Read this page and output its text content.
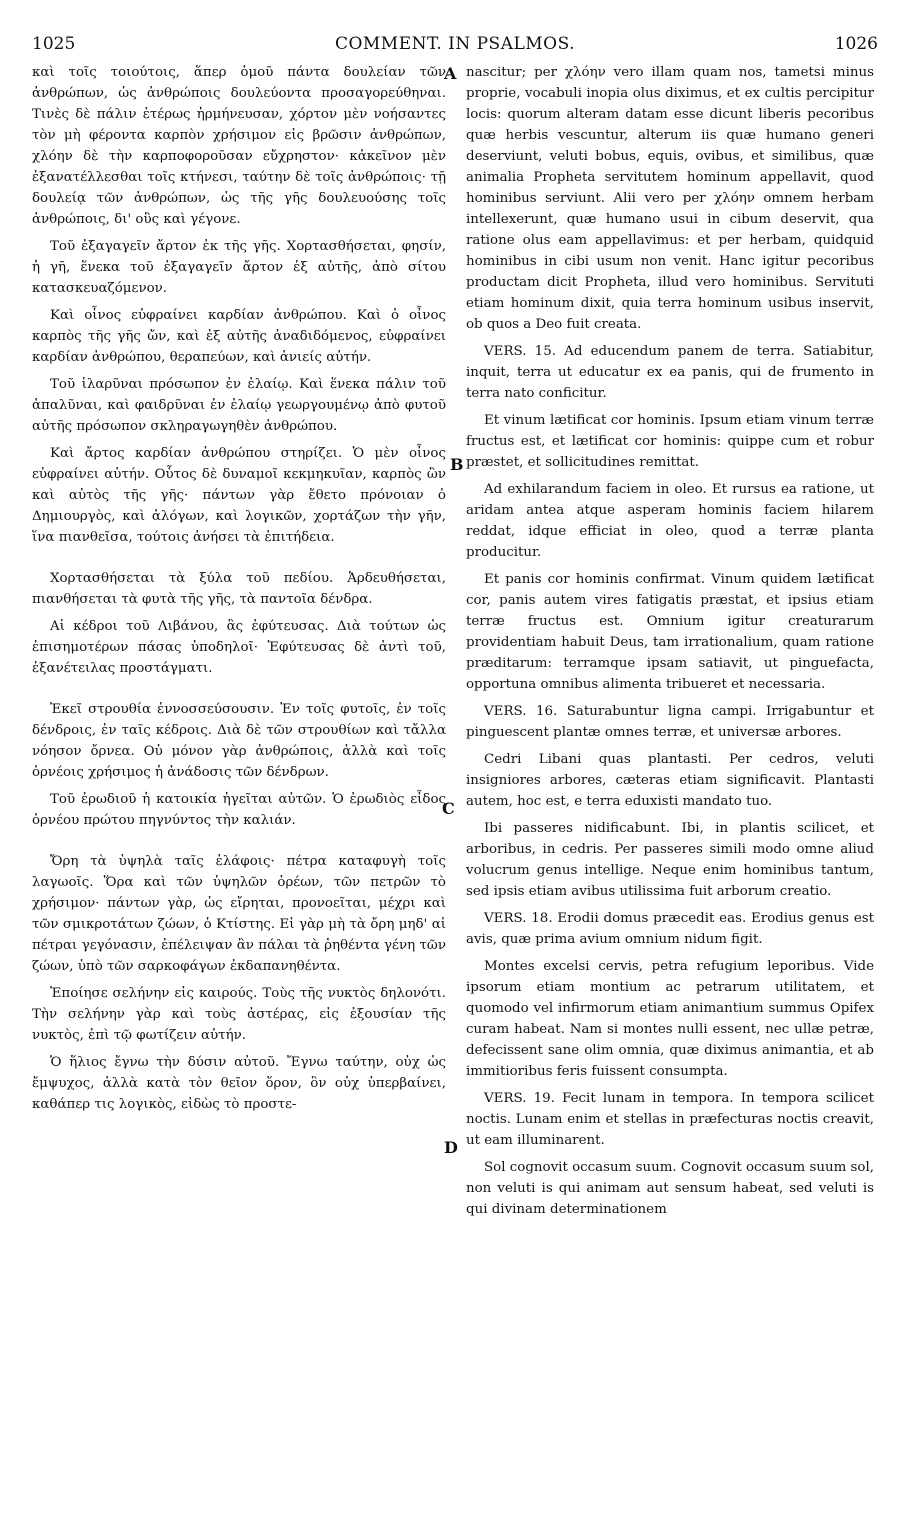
1025	COMMENT. IN PSALMOS.	1026
A
B
C
D

καὶ τοῖς τοιούτοις, ἅπερ ὁμοῦ πάντα δουλείαν τῶν ἀνθρώπων, ὡς ἀνθρώποις δουλεύοντα προσαγορεύθηναι. Τινὲς δὲ πάλιν ἑτέρως ἡρμήνευσαν, χόρτον μὲν νοήσαντες τὸν μὴ φέροντα καρπὸν χρήσιμον εἰς βρῶσιν ἀνθρώπων, χλόην δὲ τὴν καρποφοροῦσαν εὔχρηστον· κἀκεῖνον μὲν ἐξανατέλλεσθαι τοῖς κτήνεσι, ταύτην δὲ τοῖς ἀνθρώποις· τῇ δουλείᾳ τῶν ἀνθρώπων, ὡς τῆς γῆς δουλευούσης τοῖς ἀνθρώποις, δι' οὓς καὶ γέγονε.

Τοῦ ἐξαγαγεῖν ἄρτον ἐκ τῆς γῆς. Χορτασθήσεται, φησίν, ἡ γῆ, ἕνεκα τοῦ ἐξαγαγεῖν ἄρτον ἐξ αὐτῆς, ἀπὸ σίτου κατασκευαζόμενον.

Καὶ οἶνος εὐφραίνει καρδίαν ἀνθρώπου. Καὶ ὁ οἶνος καρπὸς τῆς γῆς ὤν, καὶ ἐξ αὐτῆς ἀναδιδόμενος, εὐφραίνει καρδίαν ἀνθρώπου, θεραπεύων, καὶ ἀνιείς αὐτήν.

Τοῦ ἱλαρῦναι πρόσωπον ἐν ἐλαίῳ. Καὶ ἕνεκα πάλιν τοῦ ἁπαλῦναι, καὶ φαιδρῦναι ἐν ἐλαίῳ γεωργουμένῳ ἀπὸ φυτοῦ αὐτῆς πρόσωπον σκληραγωγηθὲν ἀνθρώπου.

Καὶ ἄρτος καρδίαν ἀνθρώπου στηρίζει. Ὁ μὲν οἶνος εὐφραίνει αὐτήν. Οὗτος δὲ δυναμοῖ κεκμηκυῖαν, καρπὸς ὢν καὶ αὐτὸς τῆς γῆς· πάντων γὰρ ἔθετο πρόνοιαν ὁ Δημιουργὸς, καὶ ἀλόγων, καὶ λογικῶν, χορτάζων τὴν γῆν, ἵνα πιανθεῖσα, τούτοις ἀνήσει τὰ ἐπιτήδεια.

Χορτασθήσεται τὰ ξύλα τοῦ πεδίου. Ἀρδευθήσεται, πιανθήσεται τὰ φυτὰ τῆς γῆς, τὰ παντοῖα δένδρα.

Αἱ κέδροι τοῦ Λιβάνου, ἃς ἐφύτευσας. Διὰ τούτων ὡς ἐπισημοτέρων πάσας ὑποδηλοῖ· Ἐφύτευσας δὲ ἀντὶ τοῦ, ἐξανέτειλας προστάγματι.

Ἐκεῖ στρουθία ἐννοσσεύσουσιν. Ἐν τοῖς φυτοῖς, ἐν τοῖς δένδροις, ἐν ταῖς κέδροις. Διὰ δὲ τῶν στρουθίων καὶ τἄλλα νόησον ὄρνεα. Οὐ μόνον γὰρ ἀνθρώποις, ἀλλὰ καὶ τοῖς ὀρνέοις χρήσιμος ἡ ἀνάδοσις τῶν δένδρων.

Τοῦ ἐρωδιοῦ ἡ κατοικία ἡγεῖται αὐτῶν. Ὁ ἐρωδιὸς εἶδος ὀρνέου πρώτου πηγνύντος τὴν καλιάν.

Ὄρη τὰ ὑψηλὰ ταῖς ἐλάφοις· πέτρα καταφυγὴ τοῖς λαγωοῖς. Ὅρα καὶ τῶν ὑψηλῶν ὀρέων, τῶν πετρῶν τὸ χρήσιμον· πάντων γὰρ, ὡς εἴρηται, προνοεῖται, μέχρι καὶ τῶν σμικροτάτων ζώων, ὁ Κτίστης. Εἰ γὰρ μὴ τὰ ὄρη μηδ' αἱ πέτραι γεγόνασιν, ἐπέλειψαν ἂν πάλαι τὰ ῥηθέντα γένη τῶν ζώων, ὑπὸ τῶν σαρκοφάγων ἐκδαπανηθέντα.

Ἐποίησε σελήνην εἰς καιρούς. Τοὺς τῆς νυκτὸς δηλονότι. Τὴν σελήνην γὰρ καὶ τοὺς ἀστέρας, εἰς ἐξουσίαν τῆς νυκτὸς, ἐπὶ τῷ φωτίζειν αὐτήν.

Ὁ ἥλιος ἔγνω τὴν δύσιν αὐτοῦ. Ἔγνω ταύτην, οὐχ ὡς ἔμψυχος, ἀλλὰ κατὰ τὸν θεῖον ὅρον, ὃν οὐχ ὑπερβαίνει, καθάπερ τις λογικὸς, εἰδὼς τὸ προστε-

nascitur; per χλόην vero illam quam nos, tametsi minus proprie, vocabuli inopia olus diximus, et ex cultis percipitur locis: quorum alteram datam esse dicunt liberis pecoribus quæ herbis vescuntur, alterum iis quæ humano generi deserviunt, veluti bobus, equis, ovibus, et similibus, quæ animalia Propheta servitutem hominum appellavit, quod hominibus serviunt. Alii vero per χλόην omnem herbam intellexerunt, quæ humano usui in cibum deservit, qua ratione olus eam appellavimus: et per herbam, quidquid hominibus in cibi usum non venit. Hanc igitur pecoribus productam dicit Propheta, illud vero hominibus. Servituti etiam hominum dixit, quia terra hominum usibus inservit, ob quos a Deo fuit creata.

VERS. 15. Ad educendum panem de terra. Satiabitur, inquit, terra ut educatur ex ea panis, qui de frumento in terra nato conficitur.

Et vinum lætificat cor hominis. Ipsum etiam vinum terræ fructus est, et lætificat cor hominis: quippe cum et robur præstet, et sollicitudines remittat.

Ad exhilarandum faciem in oleo. Et rursus ea ratione, ut aridam antea atque asperam hominis faciem hilarem reddat, idque efficiat in oleo, quod a terræ planta producitur.

Et panis cor hominis confirmat. Vinum quidem lætificat cor, panis autem vires fatigatis præstat, et ipsius etiam terræ fructus est. Omnium igitur creaturarum providentiam habuit Deus, tam irrationalium, quam ratione præditarum: terramque ipsam satiavit, ut pinguefacta, opportuna omnibus alimenta tribueret et necessaria.

VERS. 16. Saturabuntur ligna campi. Irrigabuntur et pinguescent plantæ omnes terræ, et universæ arbores.

Cedri Libani quas plantasti. Per cedros, veluti insigniores arbores, cæteras etiam significavit. Plantasti autem, hoc est, e terra eduxisti mandato tuo.

Ibi passeres nidificabunt. Ibi, in plantis scilicet, et arboribus, in cedris. Per passeres simili modo omne aliud volucrum genus intellige. Neque enim hominibus tantum, sed ipsis etiam avibus utilissima fuit arborum creatio.

VERS. 18. Erodii domus præcedit eas. Erodius genus est avis, quæ prima avium omnium nidum figit.

Montes excelsi cervis, petra refugium leporibus. Vide ipsorum etiam montium ac petrarum utilitatem, et quomodo vel infirmorum etiam animantium summus Opifex curam habeat. Nam si montes nulli essent, nec ullæ petræ, defecissent sane olim omnia, quæ diximus animantia, et ab immitioribus feris fuissent consumpta.

VERS. 19. Fecit lunam in tempora. In tempora scilicet noctis. Lunam enim et stellas in præfecturas noctis creavit, ut eam illuminarent.

Sol cognovit occasum suum. Cognovit occasum suum sol, non veluti is qui animam aut sensum habeat, sed veluti is qui divinam determinationem
